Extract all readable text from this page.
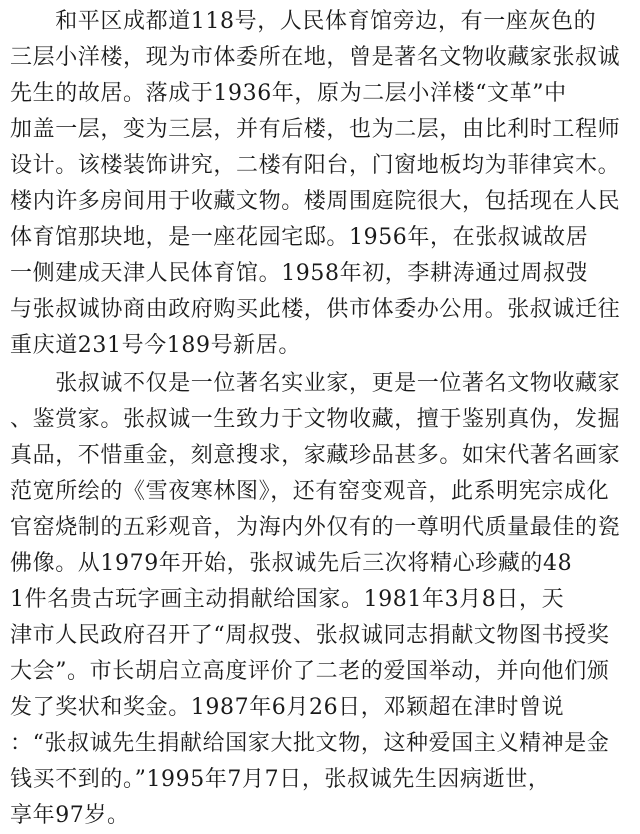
　　和平区成都道118号，人民体育馆旁边，有一座灰色的
三层小洋楼，现为市体委所在地，曾是著名文物收藏家张叔诚
先生的故居。落成于1936年，原为二层小洋楼“文革”中
加盖一层，变为三层，并有后楼，也为二层，由比利时工程师
设计。该楼装饰讲究，二楼有阳台，门窗地板均为菲律宾木。
楼内许多房间用于收藏文物。楼周围庭院很大，包括现在人民
体育馆那块地，是一座花园宅邸。1956年，在张叔诚故居
一侧建成天津人民体育馆。1958年初，李耕涛通过周叔弢
与张叔诚协商由政府购买此楼，供市体委办公用。张叔诚迁往
重庆道231号今189号新居。
　　张叔诚不仅是一位著名实业家，更是一位著名文物收藏家
、鉴赏家。张叔诚一生致力于文物收藏，擅于鉴别真伪，发掘
真品，不惜重金，刻意搜求，家藏珍品甚多。如宋代著名画家
范宽所绘的《雪夜寒林图》，还有窑变观音，此系明宪宗成化
官窑烧制的五彩观音，为海内外仅有的一尊明代质量最佳的瓷
佛像。从1979年开始，张叔诚先后三次将精心珍藏的48
1件名贵古玩字画主动捐献给国家。1981年3月8日，天
津市人民政府召开了“周叔弢、张叔诚同志捐献文物图书授奖
大会”。市长胡启立高度评价了二老的爱国举动，并向他们颁
发了奖状和奖金。1987年6月26日，邓颖超在津时曾说
：“张叔诚先生捐献给国家大批文物，这种爱国主义精神是金
钱买不到的。”1995年7月7日，张叔诚先生因病逝世，
享年97岁。
